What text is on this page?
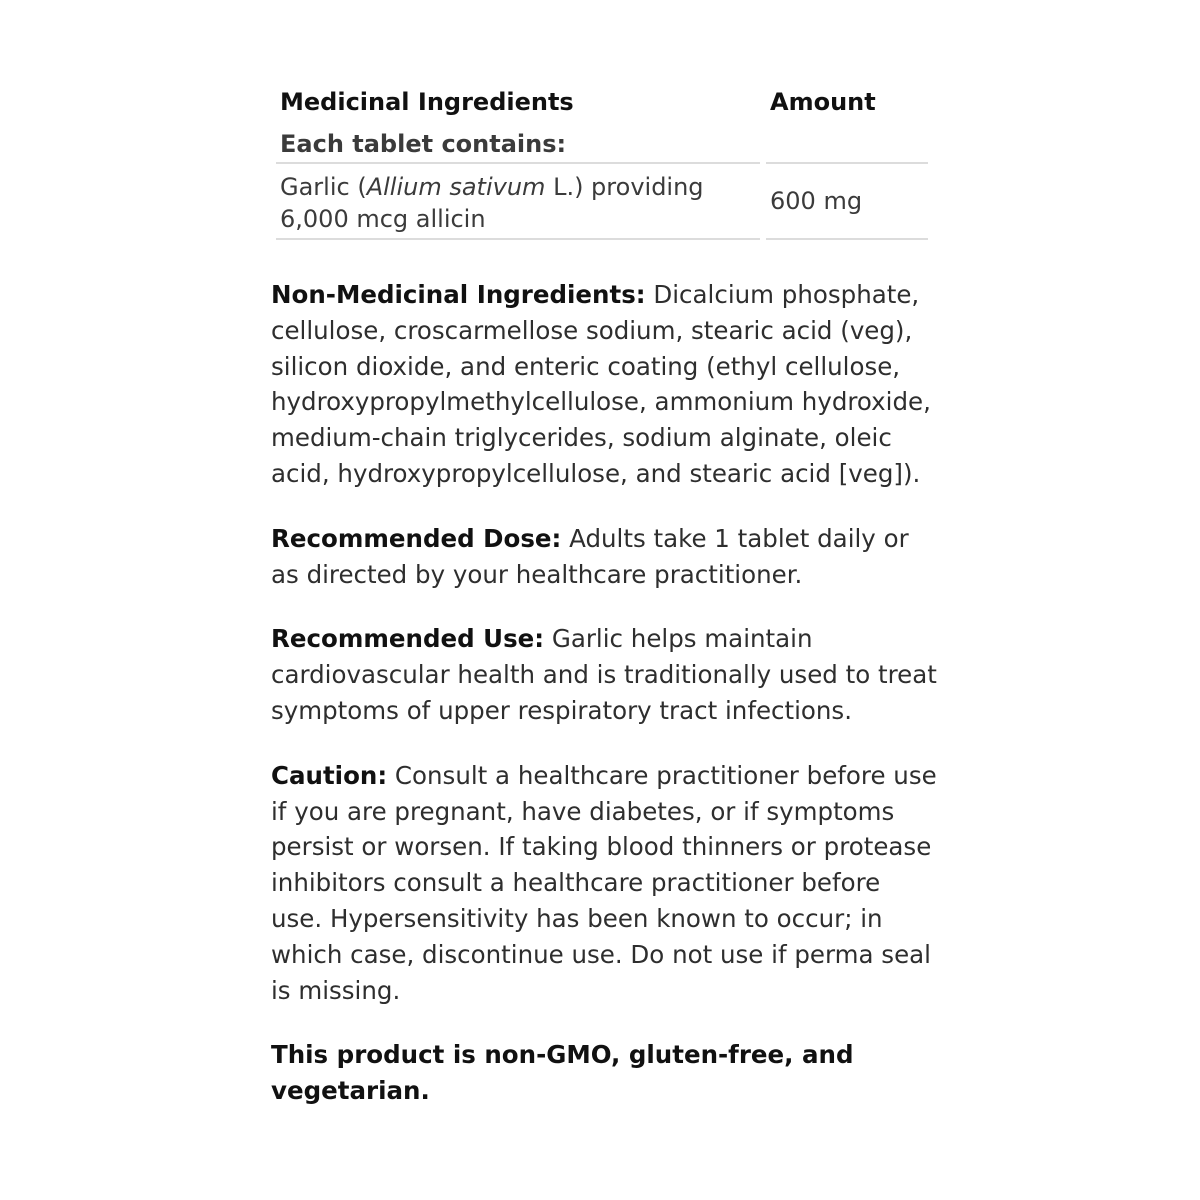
Medicinal Ingredients	Amount
Each tablet contains:
Garlic (Allium sativum L.) providing
6,000 mcg allicin
600 mg

Non-Medicinal Ingredients: Dicalcium phosphate, cellulose, croscarmellose sodium, stearic acid (veg), silicon dioxide, and enteric coating (ethyl cellulose, hydroxypropylmethylcellulose, ammonium hydroxide, medium-chain triglycerides, sodium alginate, oleic acid, hydroxypropylcellulose, and stearic acid [veg]).

Recommended Dose: Adults take 1 tablet daily or as directed by your healthcare practitioner.

Recommended Use: Garlic helps maintain cardiovascular health and is traditionally used to treat symptoms of upper respiratory tract infections.

Caution: Consult a healthcare practitioner before use if you are pregnant, have diabetes, or if symptoms persist or worsen. If taking blood thinners or protease inhibitors consult a healthcare practitioner before use. Hypersensitivity has been known to occur; in which case, discontinue use. Do not use if perma seal is missing.

This product is non-GMO, gluten-free, and vegetarian.
